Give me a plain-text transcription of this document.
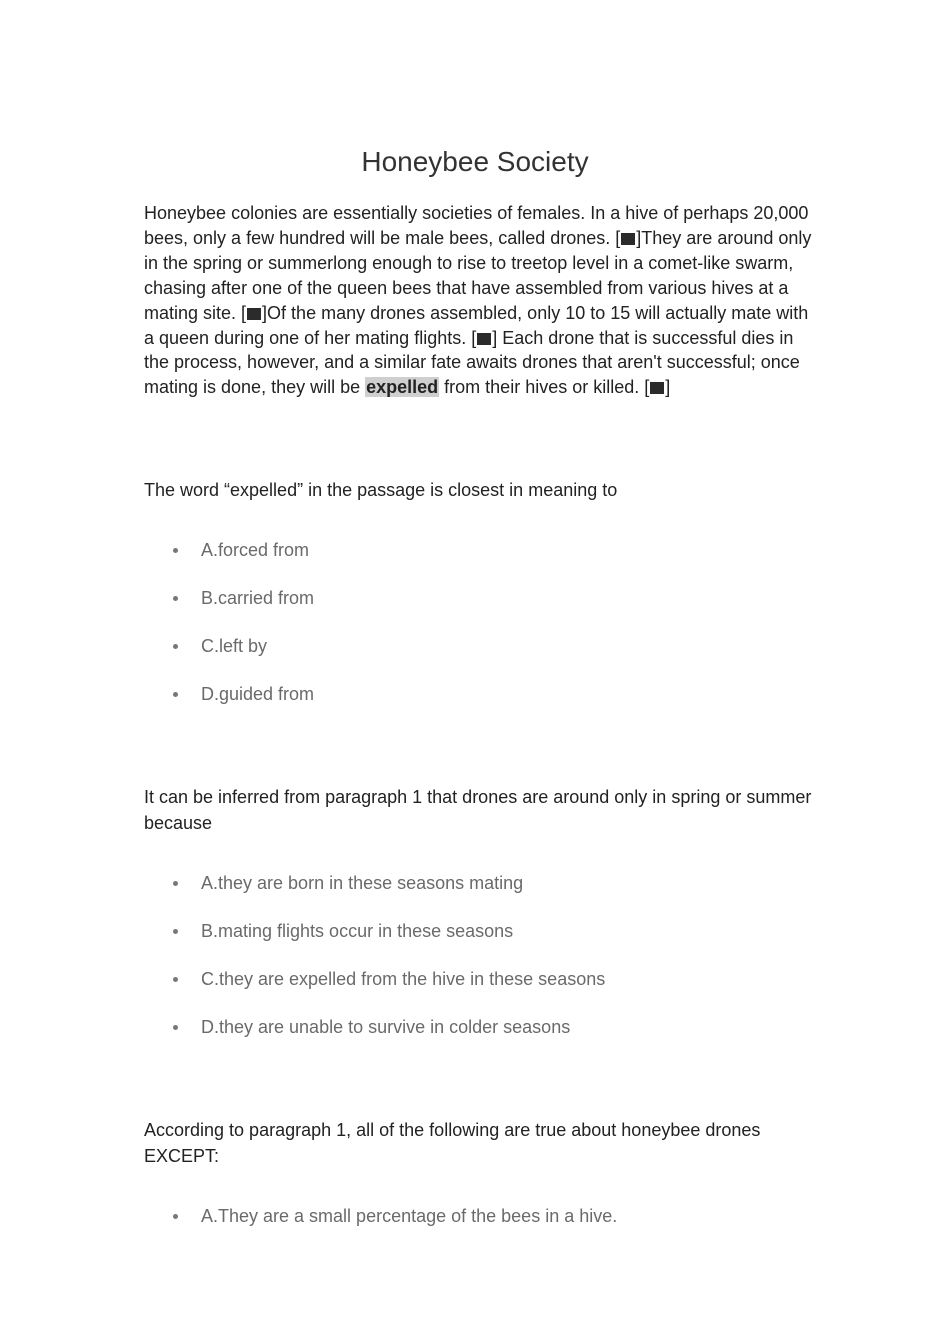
Honeybee Society

Honeybee colonies are essentially societies of females. In a hive of perhaps 20,000 bees, only a few hundred will be male bees, called drones. [ ]They are around only in the spring or summerlong enough to rise to treetop level in a comet-like swarm, chasing after one of the queen bees that have assembled from various hives at a mating site. [ ]Of the many drones assembled, only 10 to 15 will actually mate with a queen during one of her mating flights. [ ] Each drone that is successful dies in the process, however, and a similar fate awaits drones that aren't successful; once mating is done, they will be expelled from their hives or killed. [ ]

The word “expelled” in the passage is closest in meaning to

A.forced from
B.carried from
C.left by
D.guided from

It can be inferred from paragraph 1 that drones are around only in spring or summer because

A.they are born in these seasons mating
B.mating flights occur in these seasons
C.they are expelled from the hive in these seasons
D.they are unable to survive in colder seasons

According to paragraph 1, all of the following are true about honeybee drones EXCEPT:

A.They are a small percentage of the bees in a hive.
